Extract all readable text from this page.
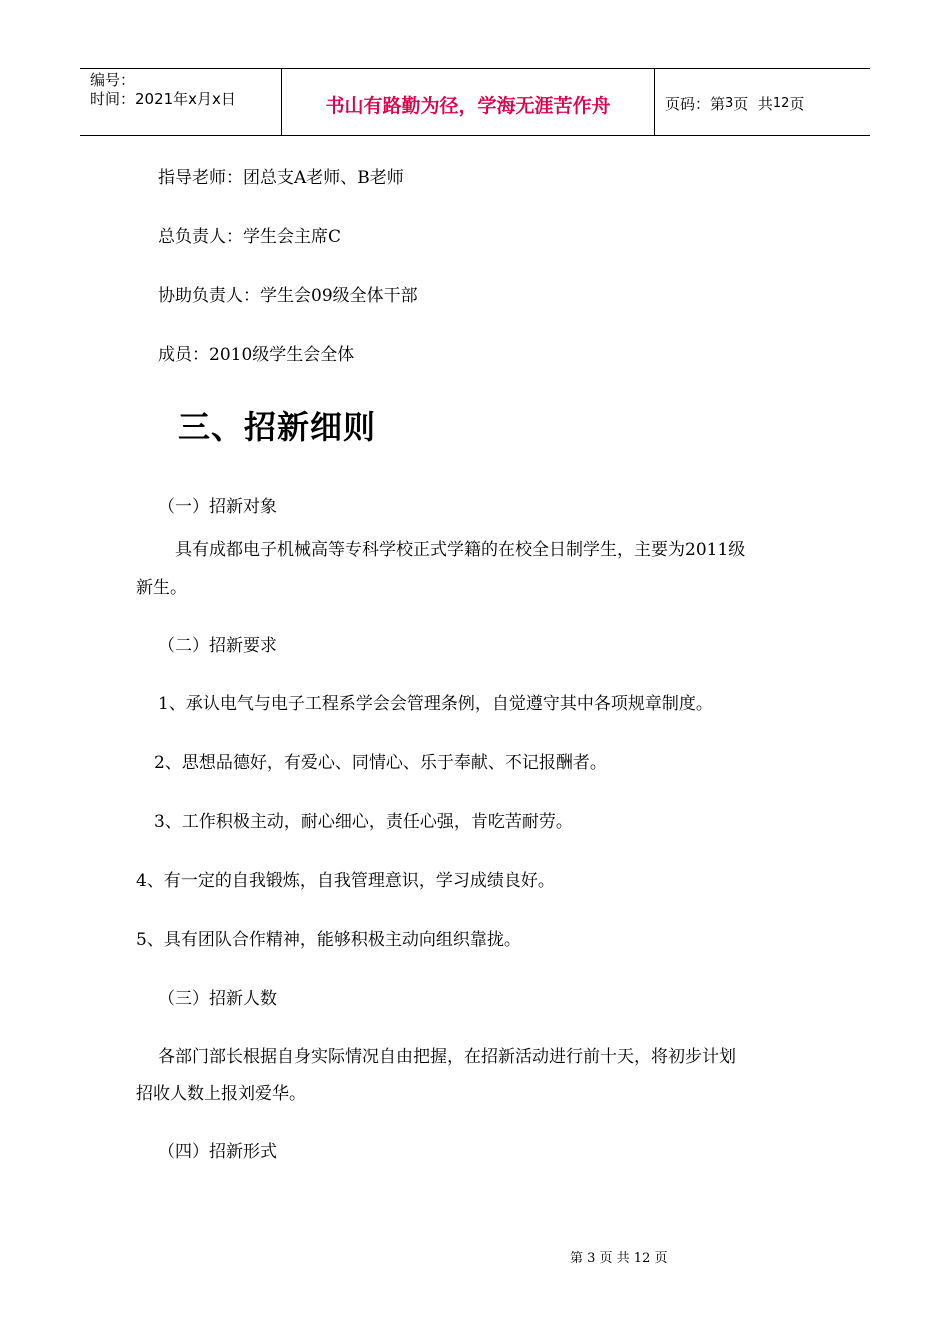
编号：
时间：2021年x月x日	书山有路勤为径，学海无涯苦作舟	页码：第 3 页  共 12 页
指导老师：团总支A老师、B老师
总负责人：学生会主席C
协助负责人：学生会09级全体干部
成员：2010级学生会全体
三、招新细则
（一）招新对象
具有成都电子机械高等专科学校正式学籍的在校全日制学生，主要为2011级
新生。
（二）招新要求
1、承认电气与电子工程系学会会管理条例，自觉遵守其中各项规章制度。
2、思想品德好，有爱心、同情心、乐于奉献、不记报酬者。
3、工作积极主动，耐心细心，责任心强，肯吃苦耐劳。
4、有一定的自我锻炼，自我管理意识，学习成绩良好。
5、具有团队合作精神，能够积极主动向组织靠拢。
（三）招新人数
各部门部长根据自身实际情况自由把握，在招新活动进行前十天，将初步计划
招收人数上报刘爱华。
（四）招新形式
第 3 页 共 12 页
